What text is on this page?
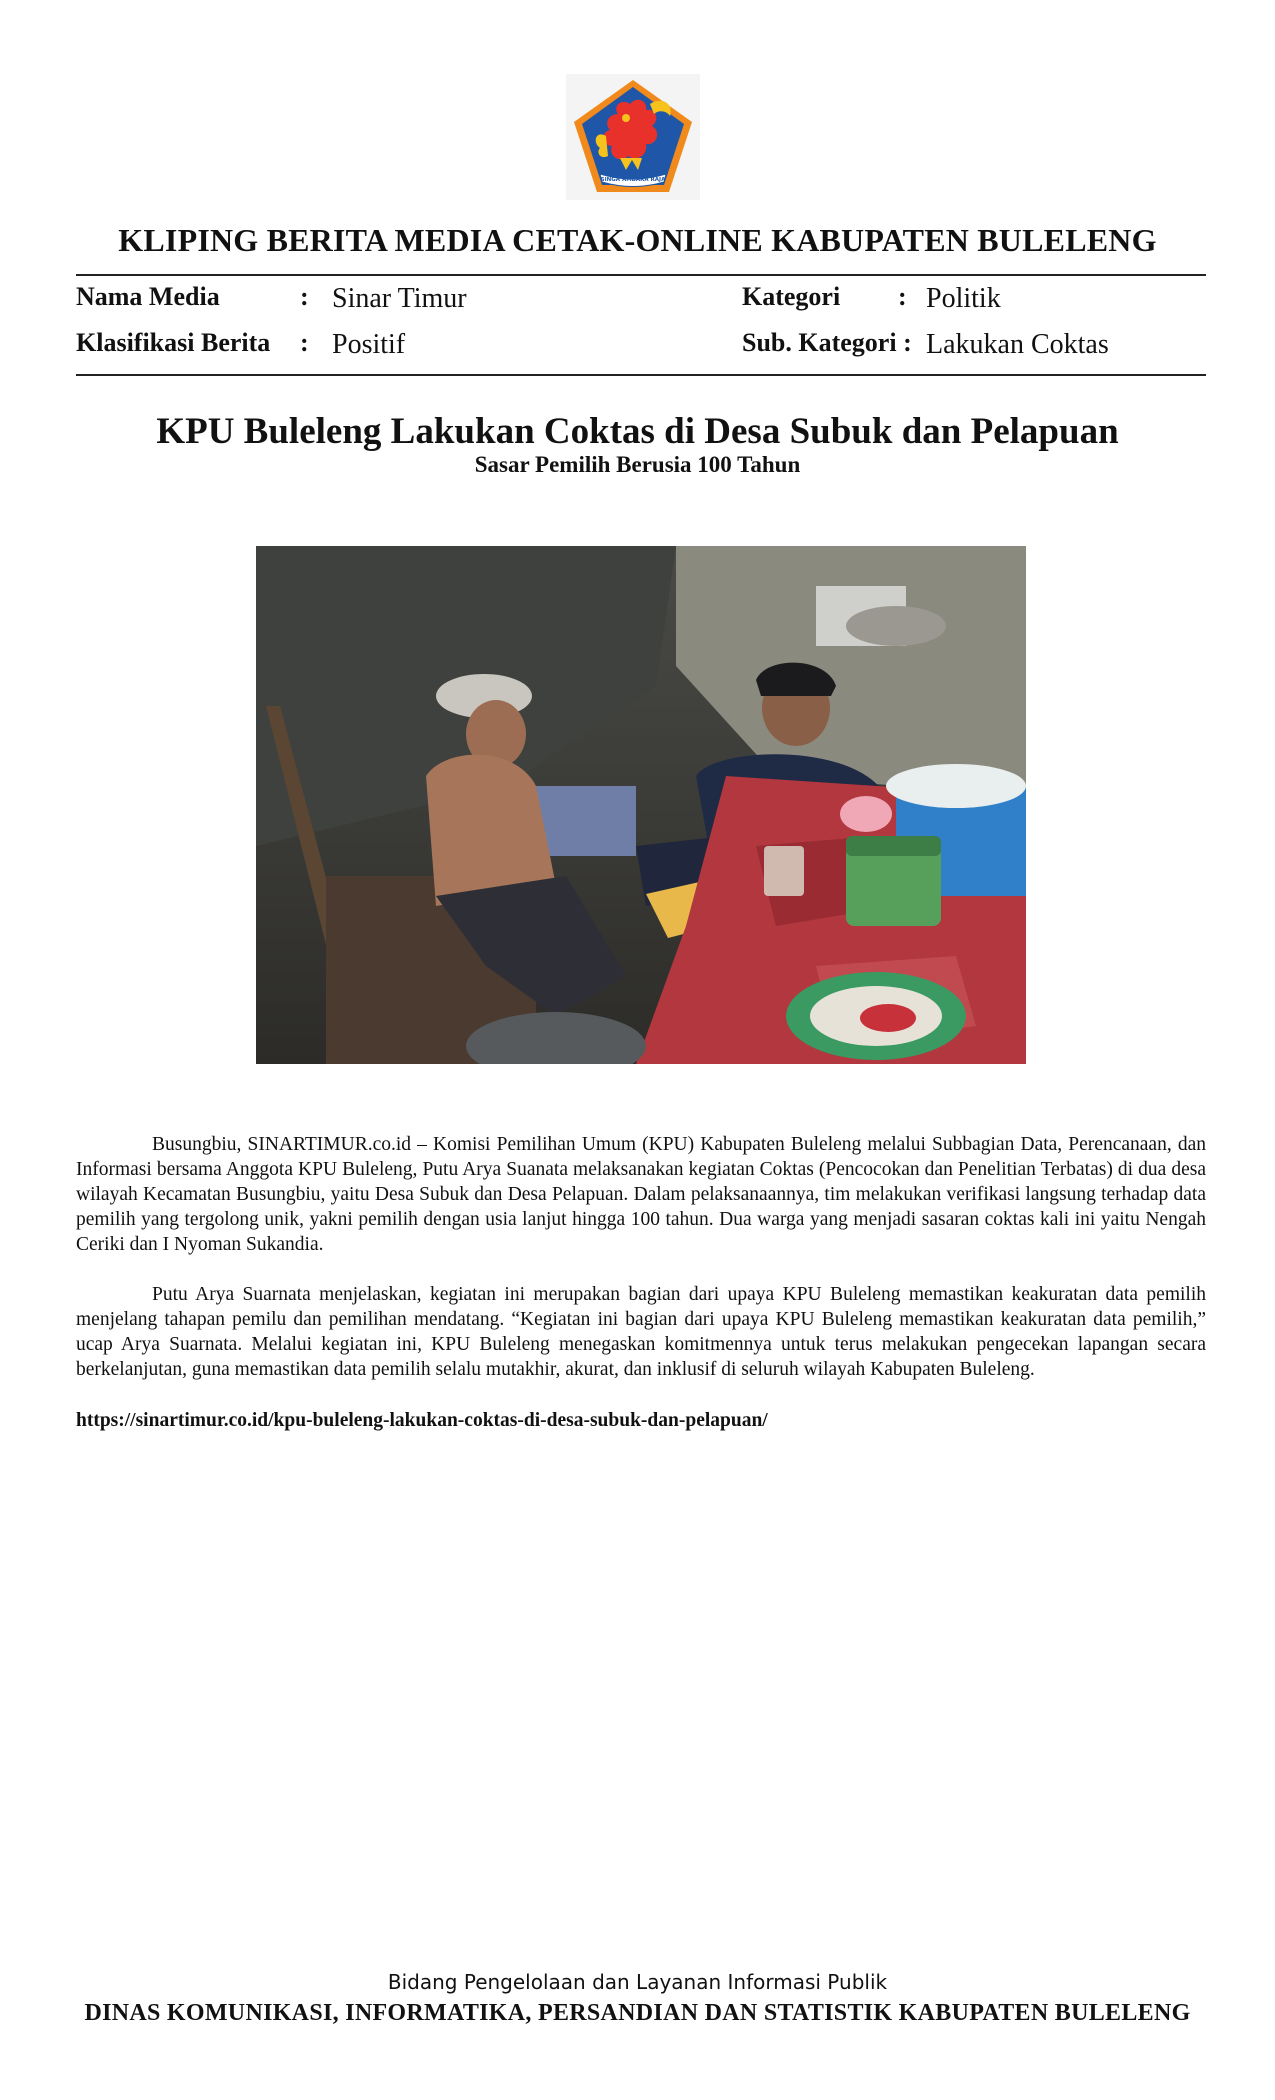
SINGA AMBARA RAJA
KLIPING BERITA MEDIA CETAK-ONLINE KABUPATEN BULELENG
Nama Media	: Sinar Timur	Kategori : Politik
Klasifikasi Berita : Positif	Sub. Kategori : Lakukan Coktas
KPU Buleleng Lakukan Coktas di Desa Subuk dan Pelapuan
Sasar Pemilih Berusia 100 Tahun

Busungbiu, SINARTIMUR.co.id – Komisi Pemilihan Umum (KPU) Kabupaten Buleleng melalui Subbagian Data, Perencanaan, dan Informasi bersama Anggota KPU Buleleng, Putu Arya Suanata melaksanakan kegiatan Coktas (Pencocokan dan Penelitian Terbatas) di dua desa wilayah Kecamatan Busungbiu, yaitu Desa Subuk dan Desa Pelapuan. Dalam pelaksanaannya, tim melakukan verifikasi langsung terhadap data pemilih yang tergolong unik, yakni pemilih dengan usia lanjut hingga 100 tahun. Dua warga yang menjadi sasaran coktas kali ini yaitu Nengah Ceriki dan I Nyoman Sukandia.

Putu Arya Suarnata menjelaskan, kegiatan ini merupakan bagian dari upaya KPU Buleleng memastikan keakuratan data pemilih menjelang tahapan pemilu dan pemilihan mendatang. “Kegiatan ini bagian dari upaya KPU Buleleng memastikan keakuratan data pemilih,” ucap Arya Suarnata. Melalui kegiatan ini, KPU Buleleng menegaskan komitmennya untuk terus melakukan pengecekan lapangan secara berkelanjutan, guna memastikan data pemilih selalu mutakhir, akurat, dan inklusif di seluruh wilayah Kabupaten Buleleng.

https://sinartimur.co.id/kpu-buleleng-lakukan-coktas-di-desa-subuk-dan-pelapuan/
Bidang Pengelolaan dan Layanan Informasi Publik
DINAS KOMUNIKASI, INFORMATIKA, PERSANDIAN DAN STATISTIK KABUPATEN BULELENG
